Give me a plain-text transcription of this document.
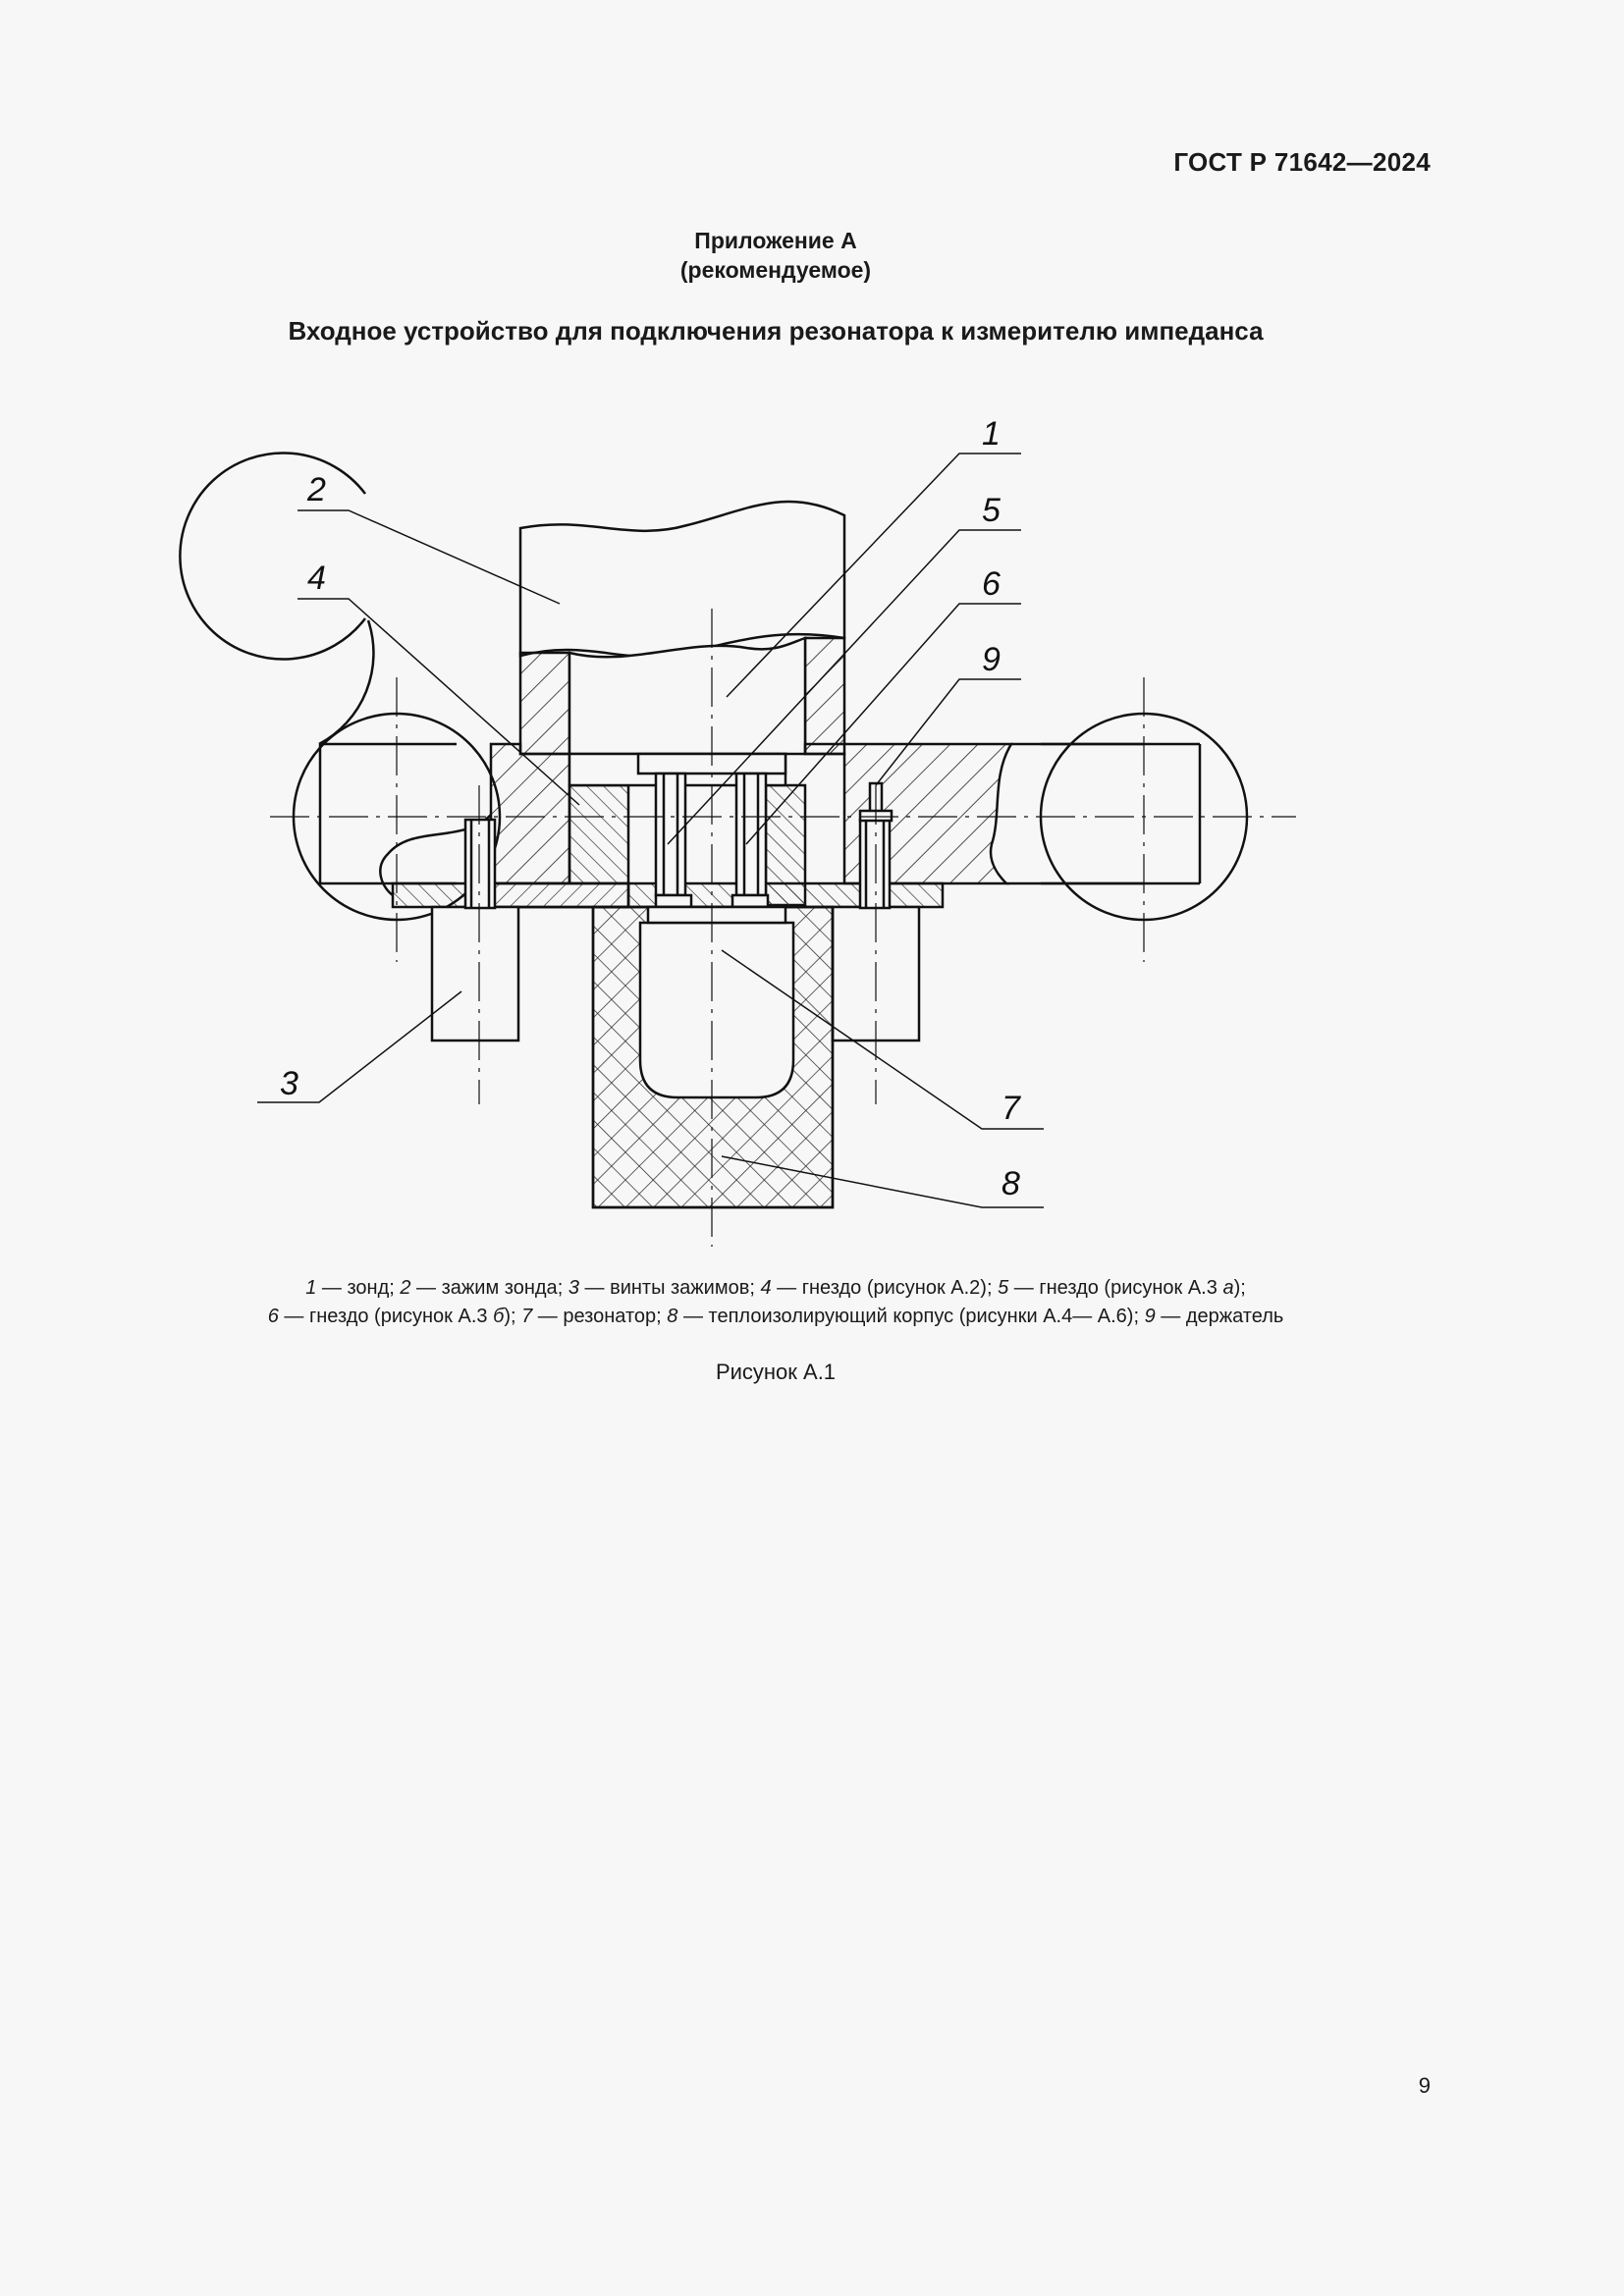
ГОСТ Р 71642—2024
Приложение А
(рекомендуемое)
Входное устройство для подключения резонатора к измерителю импеданса
1
2
3
4
5
6
7
8
9
1 — зонд; 2 — зажим зонда; 3 — винты зажимов; 4 — гнездо (рисунок А.2); 5 — гнездо (рисунок А.3 а);
6 — гнездо (рисунок А.3 б); 7 — резонатор; 8 — теплоизолирующий корпус (рисунки А.4— А.6); 9 — держатель
Рисунок А.1
9
